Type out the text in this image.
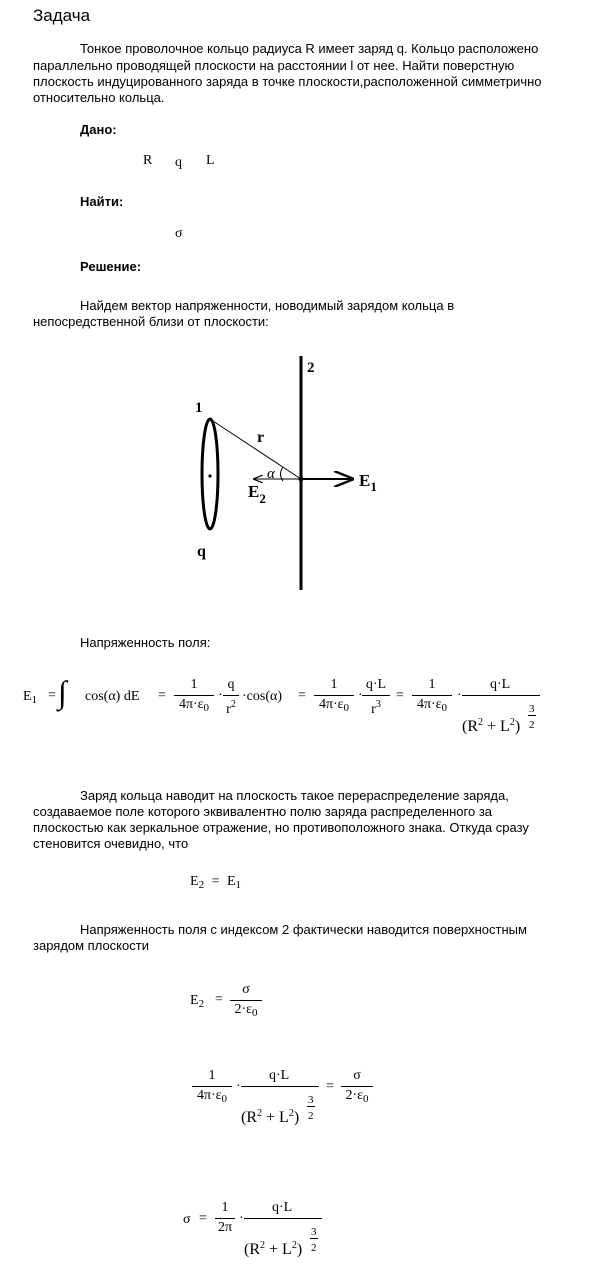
Задача
Тонкое проволочное кольцо радиуса R имеет заряд q. Кольцо расположено
параллельно проводящей плоскости на расстоянии l от нее. Найти поверстную
плоскость индуцированного заряда в точке плоскости,расположенной симметрично
относительно кольца.
Дано:
R q L
Найти:
σ
Решение:
Найдем вектор напряженности, новодимый зарядом кольца в
непосредственной близи от плоскости:
2
1
r
α	$E_1$
$E_2$
q
Напряженность поля:
$E_1$ = ∫ cos(α) dE =
1
$4\pi\cdot\varepsilon_0$
·
q
$r^2$
·cos(α) =
1
$4\pi\cdot\varepsilon_0$
·
q·L
$r^3$
=
1
$4\pi\cdot\varepsilon_0$
·
q·L
$(R^2 + L^2)$
3
2
Заряд кольца наводит на плоскость такое перераспределение заряда,
создаваемое поле которого эквивалентно полю заряда распределенного за
плоскостью как зеркальное отражение, но противоположного знака. Откуда сразу
стеновится очевидно, что
$E_2 = E_1$
Напряженность поля с индексом 2 фактически наводится поверхностным
зарядом плоскости
$E_2$ =
σ
$2\cdot\varepsilon_0$
1
$4\pi\cdot\varepsilon_0$
·
q·L
$(R^2 + L^2)$
3
2
=
σ
$2\cdot\varepsilon_0$
σ =
1
2π
·
q·L
$(R^2 + L^2)$
3
2
